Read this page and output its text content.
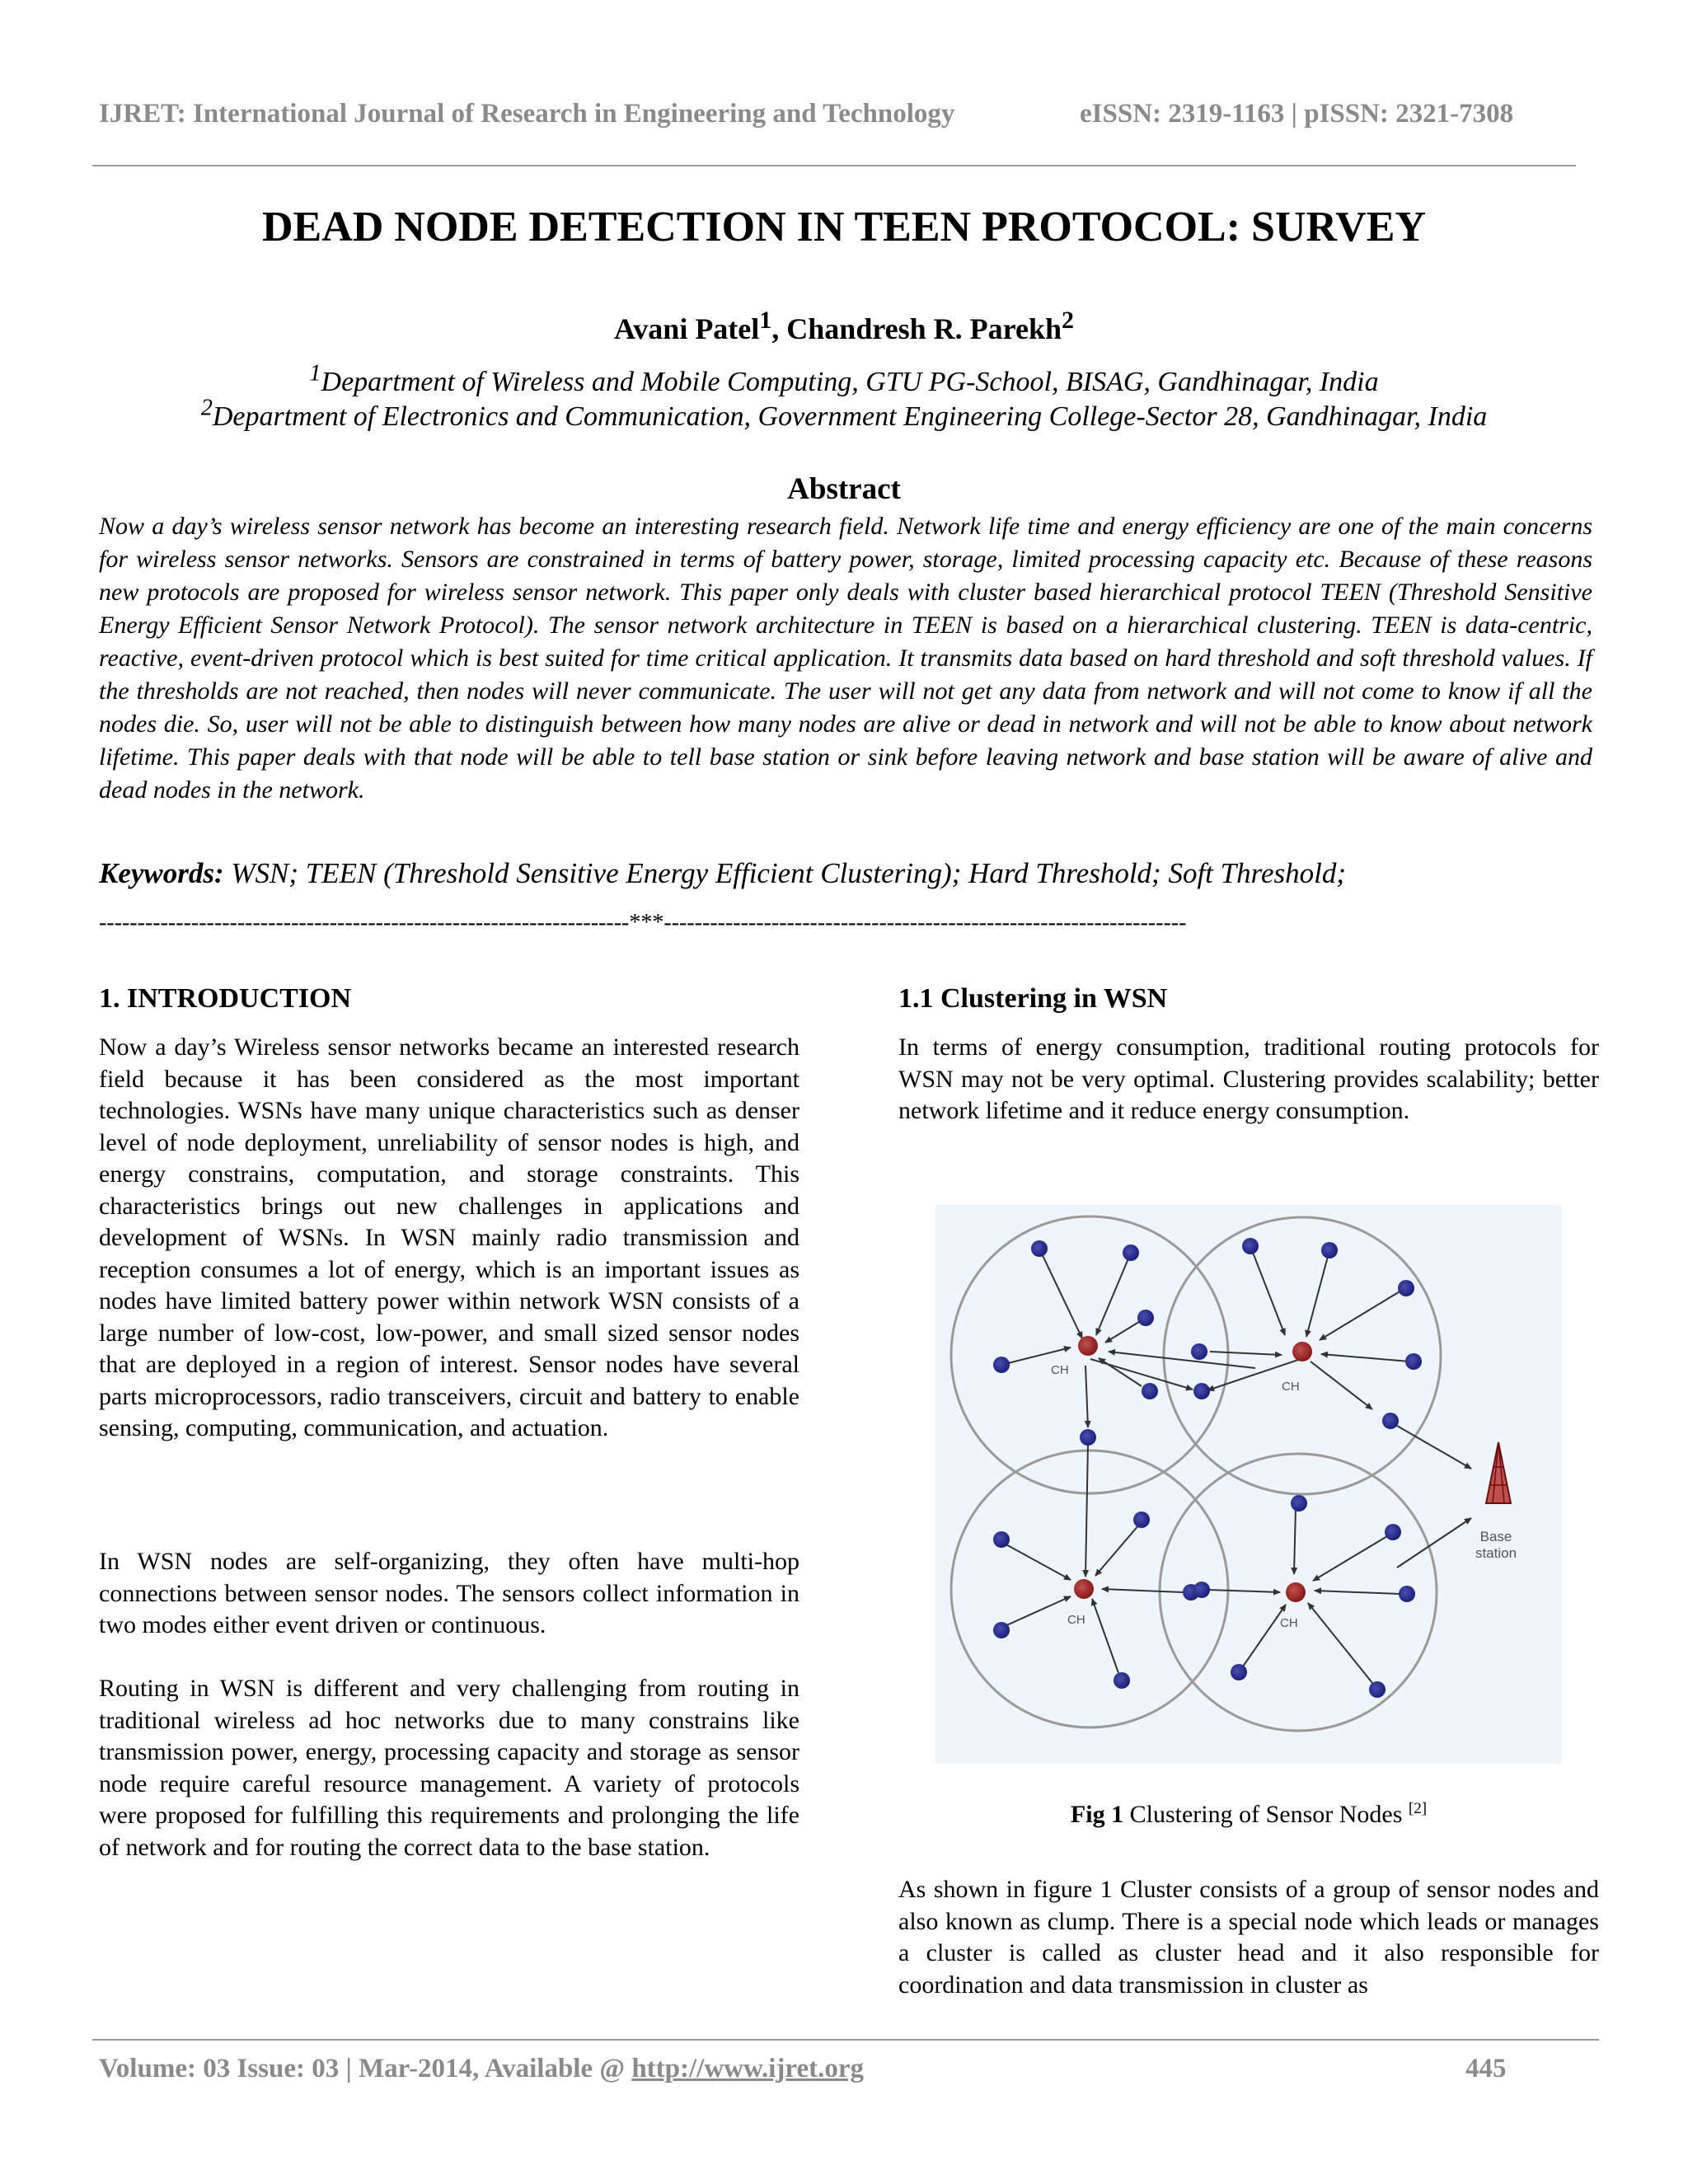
IJRET: International Journal of Research in Engineering and Technology	eISSN: 2319-1163 | pISSN: 2321-7308
DEAD NODE DETECTION IN TEEN PROTOCOL: SURVEY
Avani Patel$^1$, Chandresh R. Parekh$^2$
$^1$Department of Wireless and Mobile Computing, GTU PG-School, BISAG, Gandhinagar, India
$^2$Department of Electronics and Communication, Government Engineering College-Sector 28, Gandhinagar, India
Abstract
Now a day’s wireless sensor network has become an interesting research field. Network life time and energy efficiency are one of the main concerns for wireless sensor networks. Sensors are constrained in terms of battery power, storage, limited processing capacity etc. Because of these reasons new protocols are proposed for wireless sensor network. This paper only deals with cluster based hierarchical protocol TEEN (Threshold Sensitive Energy Efficient Sensor Network Protocol). The sensor network architecture in TEEN is based on a hierarchical clustering. TEEN is data-centric, reactive, event-driven protocol which is best suited for time critical application. It transmits data based on hard threshold and soft threshold values. If the thresholds are not reached, then nodes will never communicate. The user will not get any data from network and will not come to know if all the nodes die. So, user will not be able to distinguish between how many nodes are alive or dead in network and will not be able to know about network lifetime. This paper deals with that node will be able to tell base station or sink before leaving network and base station will be aware of alive and dead nodes in the network.
Keywords: WSN; TEEN (Threshold Sensitive Energy Efficient Clustering); Hard Threshold; Soft Threshold;
---------------------------------------------------------------------***--------------------------------------------------------------------
1. INTRODUCTION
Now a day’s Wireless sensor networks became an interested research field because it has been considered as the most important technologies. WSNs have many unique characteristics such as denser level of node deployment, unreliability of sensor nodes is high, and energy constrains, computation, and storage constraints. This characteristics brings out new challenges in applications and development of WSNs. In WSN mainly radio transmission and reception consumes a lot of energy, which is an important issues as nodes have limited battery power within network WSN consists of a large number of low-cost, low-power, and small sized sensor nodes that are deployed in a region of interest. Sensor nodes have several parts microprocessors, radio transceivers, circuit and battery to enable sensing, computing, communication, and actuation.
In WSN nodes are self-organizing, they often have multi-hop connections between sensor nodes. The sensors collect information in two modes either event driven or continuous.
Routing in WSN is different and very challenging from routing in traditional wireless ad hoc networks due to many constrains like transmission power, energy, processing capacity and storage as sensor node require careful resource management. A variety of protocols were proposed for fulfilling this requirements and prolonging the life of network and for routing the correct data to the base station.
1.1 Clustering in WSN
In terms of energy consumption, traditional routing protocols for WSN may not be very optimal. Clustering provides scalability; better network lifetime and it reduce energy consumption.
Base
station
CH
CH
CH	CH
Fig 1 Clustering of Sensor Nodes [2]
As shown in figure 1 Cluster consists of a group of sensor nodes and also known as clump. There is a special node which leads or manages a cluster is called as cluster head and it also responsible for coordination and data transmission in cluster as
Volume: 03 Issue: 03 | Mar-2014, Available @ http://www.ijret.org	445
